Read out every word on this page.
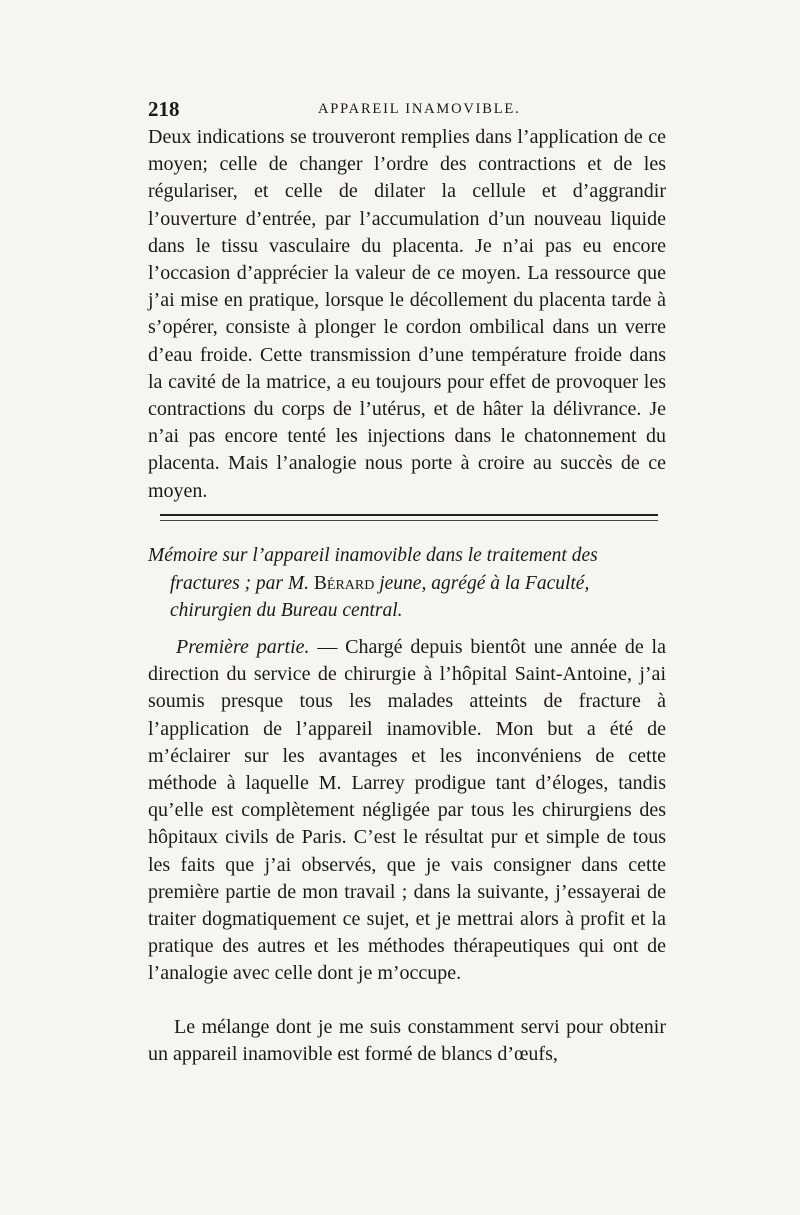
218	APPAREIL INAMOVIBLE.

Deux indications se trouveront remplies dans l’application de ce moyen; celle de changer l’ordre des contractions et de les régulariser, et celle de dilater la cellule et d’aggrandir l’ouverture d’entrée, par l’accumulation d’un nouveau liquide dans le tissu vasculaire du placenta. Je n’ai pas eu encore l’occasion d’apprécier la valeur de ce moyen. La ressource que j’ai mise en pratique, lorsque le décollement du placenta tarde à s’opérer, consiste à plonger le cordon ombilical dans un verre d’eau froide. Cette transmission d’une température froide dans la cavité de la matrice, a eu toujours pour effet de provoquer les contractions du corps de l’utérus, et de hâter la délivrance. Je n’ai pas encore tenté les injections dans le chatonnement du placenta. Mais l’analogie nous porte à croire au succès de ce moyen.

Mémoire sur l’appareil inamovible dans le traitement des
fractures ; par M. Bérard jeune, agrégé à la Faculté,
chirurgien du Bureau central.

Première partie. — Chargé depuis bientôt une année de la direction du service de chirurgie à l’hôpital Saint-Antoine, j’ai soumis presque tous les malades atteints de fracture à l’application de l’appareil inamovible. Mon but a été de m’éclairer sur les avantages et les inconvéniens de cette méthode à laquelle M. Larrey prodigue tant d’éloges, tandis qu’elle est complètement négligée par tous les chirurgiens des hôpitaux civils de Paris. C’est le résultat pur et simple de tous les faits que j’ai observés, que je vais consigner dans cette première partie de mon travail ; dans la suivante, j’essayerai de traiter dogmatiquement ce sujet, et je mettrai alors à profit et la pratique des autres et les méthodes thérapeutiques qui ont de l’analogie avec celle dont je m’occupe.

Le mélange dont je me suis constamment servi pour obtenir un appareil inamovible est formé de blancs d’œufs,
